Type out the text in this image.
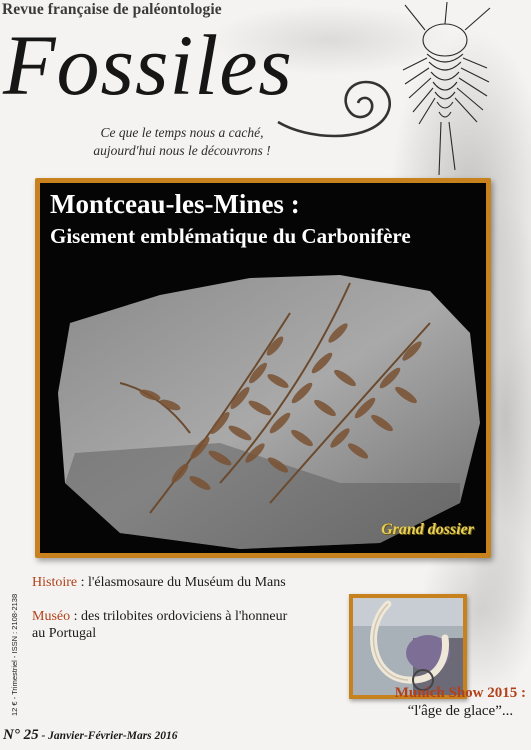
Revue française de paléontologie
Fossiles
Ce que le temps nous a caché,
aujourd'hui nous le découvrons !
Montceau-les-Mines :
Gisement emblématique du Carbonifère
Grand dossier
Histoire : l'élasmosaure du Muséum du Mans
Muséo : des trilobites ordoviciens à l'honneur
au Portugal
Munich Show 2015 :
“l'âge de glace”...
12 € - Trimestriel - ISSN : 2108-2138
N° 25 - Janvier-Février-Mars 2016
